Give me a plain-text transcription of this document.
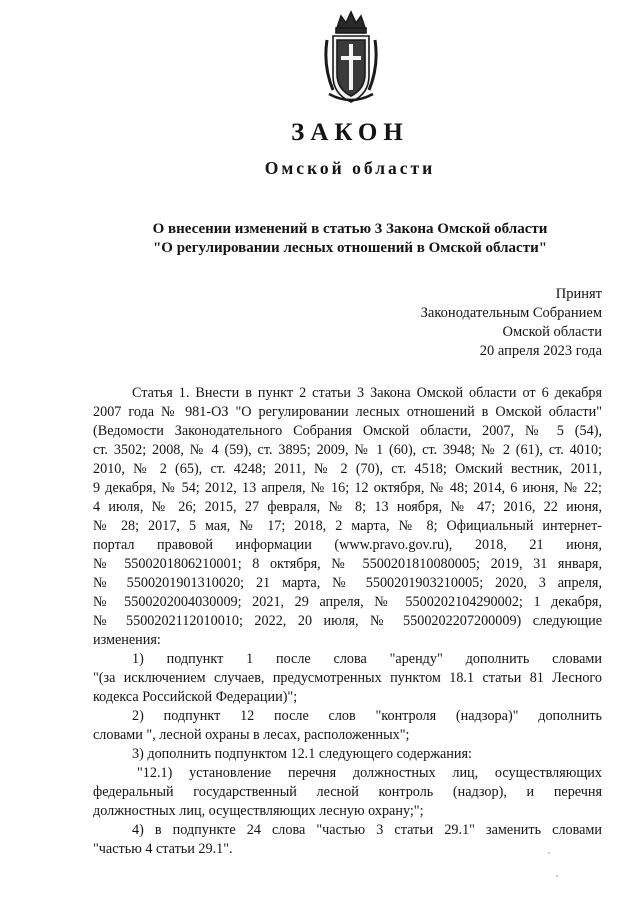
ЗАКОН
Омской области
О внесении изменений в статью 3 Закона Омской области
"О регулировании лесных отношений в Омской области"
Принят
Законодательным Собранием
Омской области
20 апреля 2023 года
Статья 1. Внести в пункт 2 статьи 3 Закона Омской области от 6 декабря
2007 года № 981-ОЗ "О регулировании лесных отношений в Омской области"
(Ведомости Законодательного Собрания Омской области, 2007, № 5 (54),
ст. 3502; 2008, № 4 (59), ст. 3895; 2009, № 1 (60), ст. 3948; № 2 (61), ст. 4010;
2010, № 2 (65), ст. 4248; 2011, № 2 (70), ст. 4518; Омский вестник, 2011,
9 декабря, № 54; 2012, 13 апреля, № 16; 12 октября, № 48; 2014, 6 июня, № 22;
4 июля, № 26; 2015, 27 февраля, № 8; 13 ноября, № 47; 2016, 22 июня,
№ 28; 2017, 5 мая, № 17; 2018, 2 марта, № 8; Официальный интернет-
портал правовой информации (www.pravo.gov.ru), 2018, 21 июня,
№ 5500201806210001; 8 октября, № 5500201810080005; 2019, 31 января,
№ 5500201901310020; 21 марта, № 5500201903210005; 2020, 3 апреля,
№ 5500202004030009; 2021, 29 апреля, № 5500202104290002; 1 декабря,
№ 5500202112010010; 2022, 20 июля, № 5500202207200009) следующие
изменения:
1) подпункт 1 после слова "аренду" дополнить словами
"(за исключением случаев, предусмотренных пунктом 18.1 статьи 81 Лесного
кодекса Российской Федерации)";
2) подпункт 12 после слов "контроля (надзора)" дополнить
словами ", лесной охраны в лесах, расположенных";
3) дополнить подпунктом 12.1 следующего содержания:
"12.1) установление перечня должностных лиц, осуществляющих
федеральный государственный лесной контроль (надзор), и перечня
должностных лиц, осуществляющих лесную охрану;";
4) в подпункте 24 слова "частью 3 статьи 29.1" заменить словами
"частью 4 статьи 29.1".
